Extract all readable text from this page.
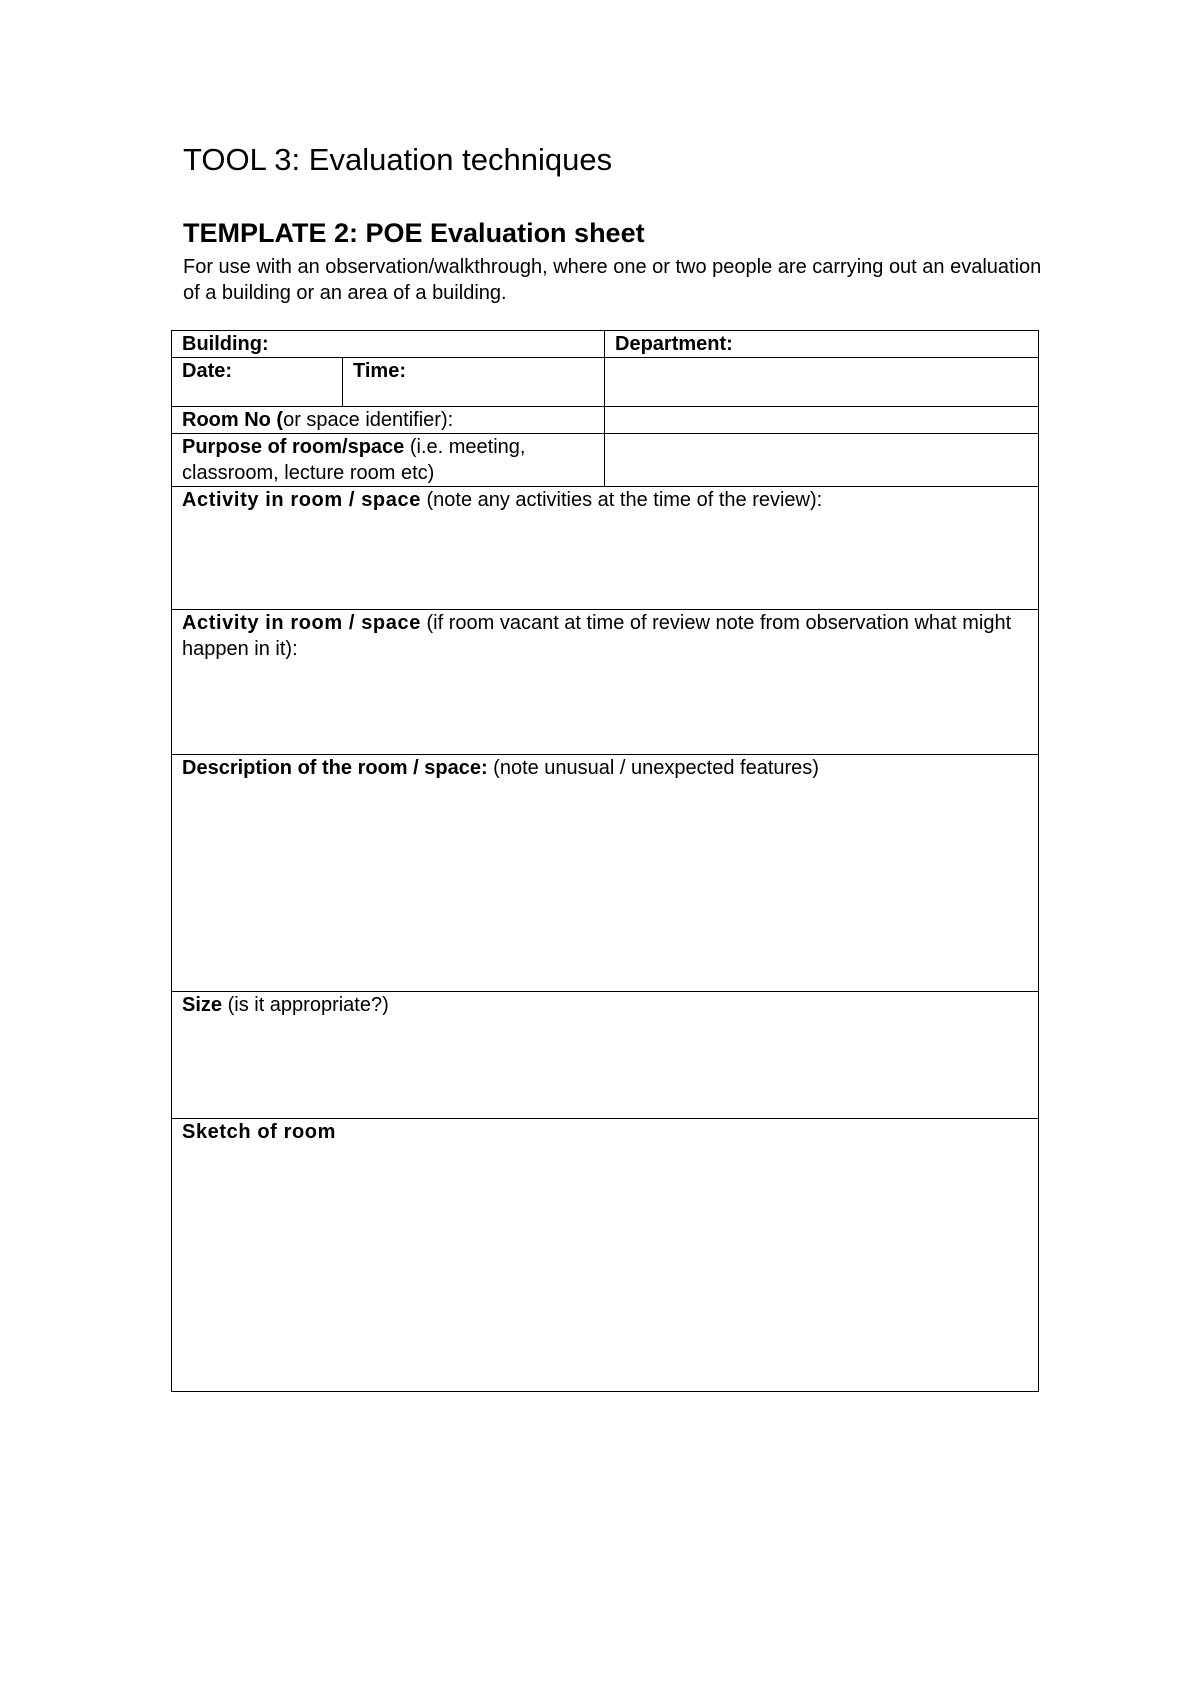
TOOL 3: Evaluation techniques
TEMPLATE 2: POE Evaluation sheet

For use with an observation/walkthrough, where one or two people are carrying out an evaluation of a building or an area of a building.

Building:		Department:
Date:	Time:	
Room No (or space identifier):		
Purpose of room/space (i.e. meeting, classroom, lecture room etc)		
Activity in room / space (note any activities at the time of the review):		
Activity in room / space (if room vacant at time of review note from observation what might happen in it):		
Description of the room / space: (note unusual / unexpected features)		
Size (is it appropriate?)		
Sketch of room		
